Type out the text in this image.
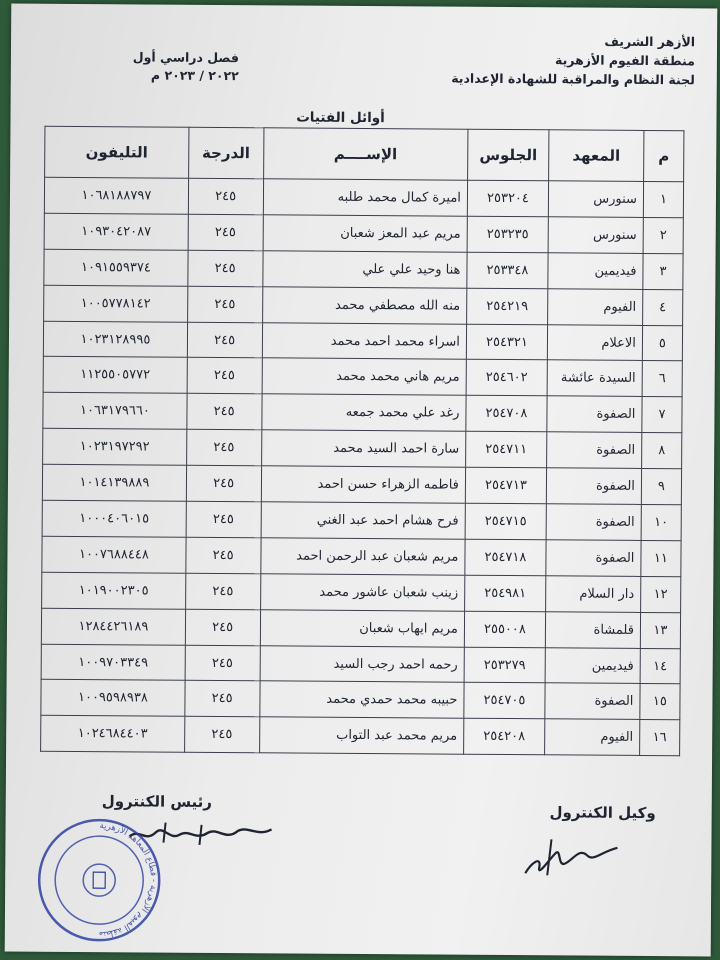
الأزهر الشريف
منطقة الفيوم الأزهرية
لجنة النظام والمراقبة للشهادة الإعدادية
فصل دراسي أول
٢٠٢٢ / ٢٠٢٣ م
أوائل الفتيات
م	المعهد	الجلوس	الإســــم	الدرجة	التليفون
١	سنورس	٢٥٣٢٠٤	اميرة كمال محمد طلبه	٢٤٥	١٠٦٨١٨٨٧٩٧
٢	سنورس	٢٥٣٢٣٥	مريم عبد المعز شعبان	٢٤٥	١٠٩٣٠٤٢٠٨٧
٣	فيديمين	٢٥٣٣٤٨	هنا وحيد علي علي	٢٤٥	١٠٩١٥٥٩٣٧٤
٤	الفيوم	٢٥٤٢١٩	منه الله مصطفي محمد	٢٤٥	١٠٠٥٧٧٨١٤٢
٥	الاعلام	٢٥٤٣٢١	اسراء محمد احمد محمد	٢٤٥	١٠٢٣١٢٨٩٩٥
٦	السيدة عائشة	٢٥٤٦٠٢	مريم هاني محمد محمد	٢٤٥	١١٢٥٥٠٥٧٧٢
٧	الصفوة	٢٥٤٧٠٨	رغد علي محمد جمعه	٢٤٥	١٠٦٣١٧٩٦٦٠
٨	الصفوة	٢٥٤٧١١	سارة احمد السيد محمد	٢٤٥	١٠٢٣١٩٧٢٩٢
٩	الصفوة	٢٥٤٧١٣	فاطمه الزهراء حسن احمد	٢٤٥	١٠١٤١٣٩٨٨٩
١٠	الصفوة	٢٥٤٧١٥	فرح هشام احمد عبد الغني	٢٤٥	١٠٠٠٤٠٦٠١٥
١١	الصفوة	٢٥٤٧١٨	مريم شعبان عبد الرحمن احمد	٢٤٥	١٠٠٧٦٨٨٤٤٨
١٢	دار السلام	٢٥٤٩٨١	زينب شعبان عاشور محمد	٢٤٥	١٠١٩٠٠٢٣٠٥
١٣	قلمشاة	٢٥٥٠٠٨	مريم ايهاب شعبان	٢٤٥	١٢٨٤٤٢٦١٨٩
١٤	فيديمين	٢٥٣٢٧٩	رحمه احمد رجب السيد	٢٤٥	١٠٠٩٧٠٣٣٤٩
١٥	الصفوة	٢٥٤٧٠٥	حبيبه محمد حمدي محمد	٢٤٥	١٠٠٩٥٩٨٩٣٨
١٦	الفيوم	٢٥٤٢٠٨	مريم محمد عبد التواب	٢٤٥	١٠٢٤٦٨٤٤٠٣
وكيل الكنترول
رئيس الكنترول
منطقة الفيوم الأزهرية - قطاع المعاهد الأزهرية
